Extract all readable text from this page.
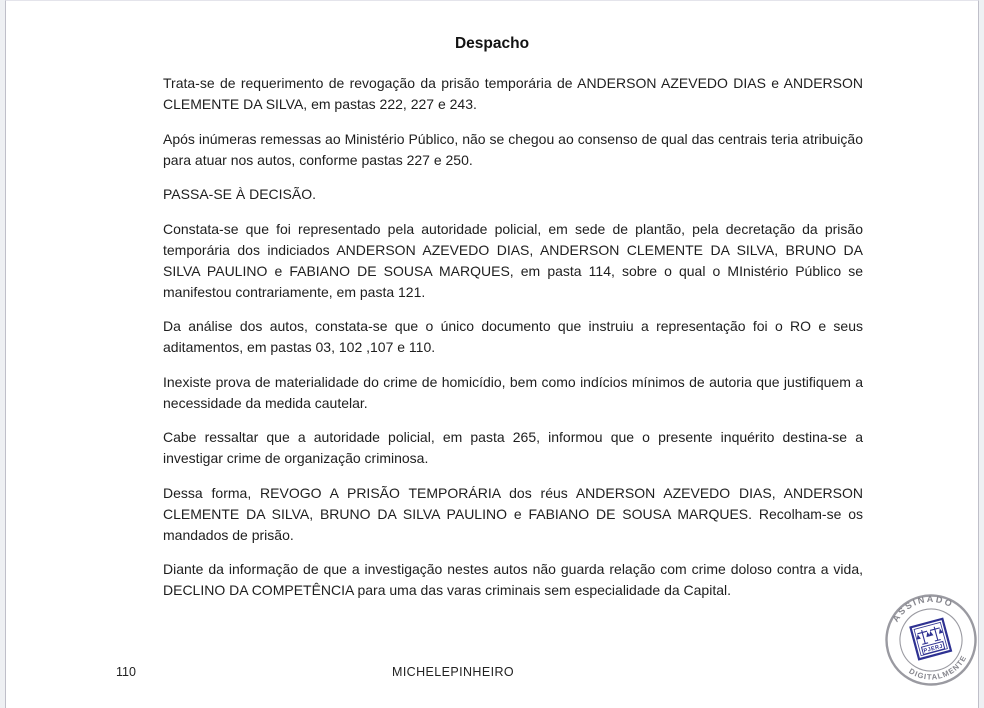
Despacho

Trata-se de requerimento de revogação da prisão temporária de ANDERSON AZEVEDO DIAS e ANDERSON CLEMENTE DA SILVA, em pastas 222, 227 e 243.

Após inúmeras remessas ao Ministério Público, não se chegou ao consenso de qual das centrais teria atribuição para atuar nos autos, conforme pastas 227 e 250.

PASSA-SE À DECISÃO.

Constata-se que foi representado pela autoridade policial, em sede de plantão, pela decretação da prisão temporária dos indiciados ANDERSON AZEVEDO DIAS, ANDERSON CLEMENTE DA SILVA, BRUNO DA SILVA PAULINO e FABIANO DE SOUSA MARQUES, em pasta 114, sobre o qual o MInistério Público se manifestou contrariamente, em pasta 121.

Da análise dos autos, constata-se que o único documento que instruiu a representação foi o RO e seus aditamentos, em pastas 03, 102 ,107 e 110.

Inexiste prova de materialidade do crime de homicídio, bem como indícios mínimos de autoria que justifiquem a necessidade da medida cautelar.

Cabe ressaltar que a autoridade policial, em pasta 265, informou que o presente inquérito destina-se a investigar crime de organização criminosa.

Dessa forma, REVOGO A PRISÃO TEMPORÁRIA dos réus ANDERSON AZEVEDO DIAS, ANDERSON CLEMENTE DA SILVA, BRUNO DA SILVA PAULINO e FABIANO DE SOUSA MARQUES. Recolham-se os mandados de prisão.

Diante da informação de que a investigação nestes autos não guarda relação com crime doloso contra a vida, DECLINO DA COMPETÊNCIA para uma das varas criminais sem especialidade da Capital.

110	MICHELEPINHEIRO
ASSINADO
DIGITALMENTE
PJERJ
